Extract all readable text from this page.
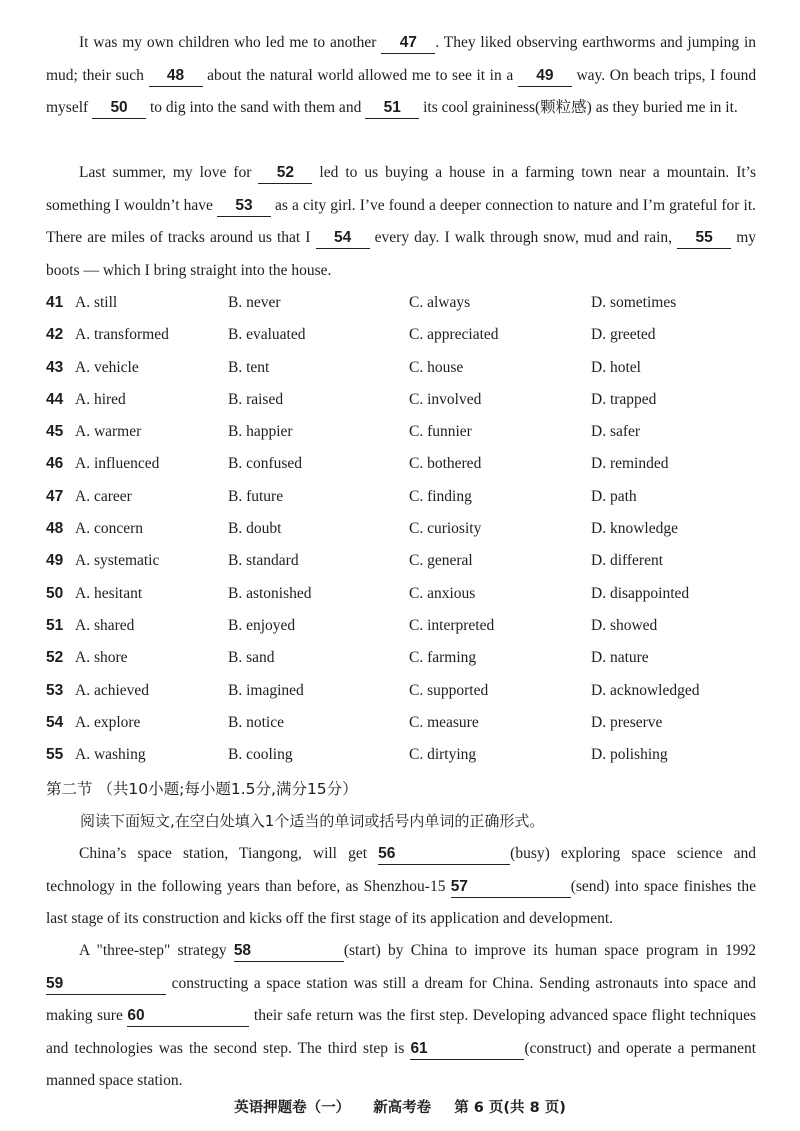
It was my own children who led me to another 47 . They liked observing earthworms and jumping in mud; their such 48 about the natural world allowed me to see it in a 49 way. On beach trips, I found myself 50 to dig into the sand with them and 51 its cool graininess(颗粒感) as they buried me in it.
Last summer, my love for 52 led to us buying a house in a farming town near a mountain. It’s something I wouldn’t have 53 as a city girl. I’ve found a deeper connection to nature and I’m grateful for it. There are miles of tracks around us that I 54 every day. I walk through snow, mud and rain, 55 my boots — which I bring straight into the house.
41 A. still	B. never	C. always	D. sometimes
42 A. transformed	B. evaluated	C. appreciated	D. greeted
43 A. vehicle	B. tent	C. house	D. hotel
44 A. hired	B. raised	C. involved	D. trapped
45 A. warmer	B. happier	C. funnier	D. safer
46 A. influenced	B. confused	C. bothered	D. reminded
47 A. career	B. future	C. finding	D. path
48 A. concern	B. doubt	C. curiosity	D. knowledge
49 A. systematic	B. standard	C. general	D. different
50 A. hesitant	B. astonished	C. anxious	D. disappointed
51 A. shared	B. enjoyed	C. interpreted	D. showed
52 A. shore	B. sand	C. farming	D. nature
53 A. achieved	B. imagined	C. supported	D. acknowledged
54 A. explore	B. notice	C. measure	D. preserve
55 A. washing	B. cooling	C. dirtying	D. polishing
第二节 （共10小题;每小题1.5分,满分15分）
阅读下面短文,在空白处填入1个适当的单词或括号内单词的正确形式。
China’s space station, Tiangong, will get 56	(busy) exploring space science and technology in the following years than before, as Shenzhou-15 57	(send) into space finishes the last stage of its construction and kicks off the first stage of its application and development.
A "three-step" strategy 58	(start) by China to improve its human space program in 1992 59	constructing a space station was still a dream for China. Sending astronauts into space and making sure 60	their safe return was the first step. Developing advanced space flight techniques and technologies was the second step. The third step is 61	(construct) and operate a permanent manned space station.
英语押题卷（一） 新高考卷 第 6 页(共 8 页)
